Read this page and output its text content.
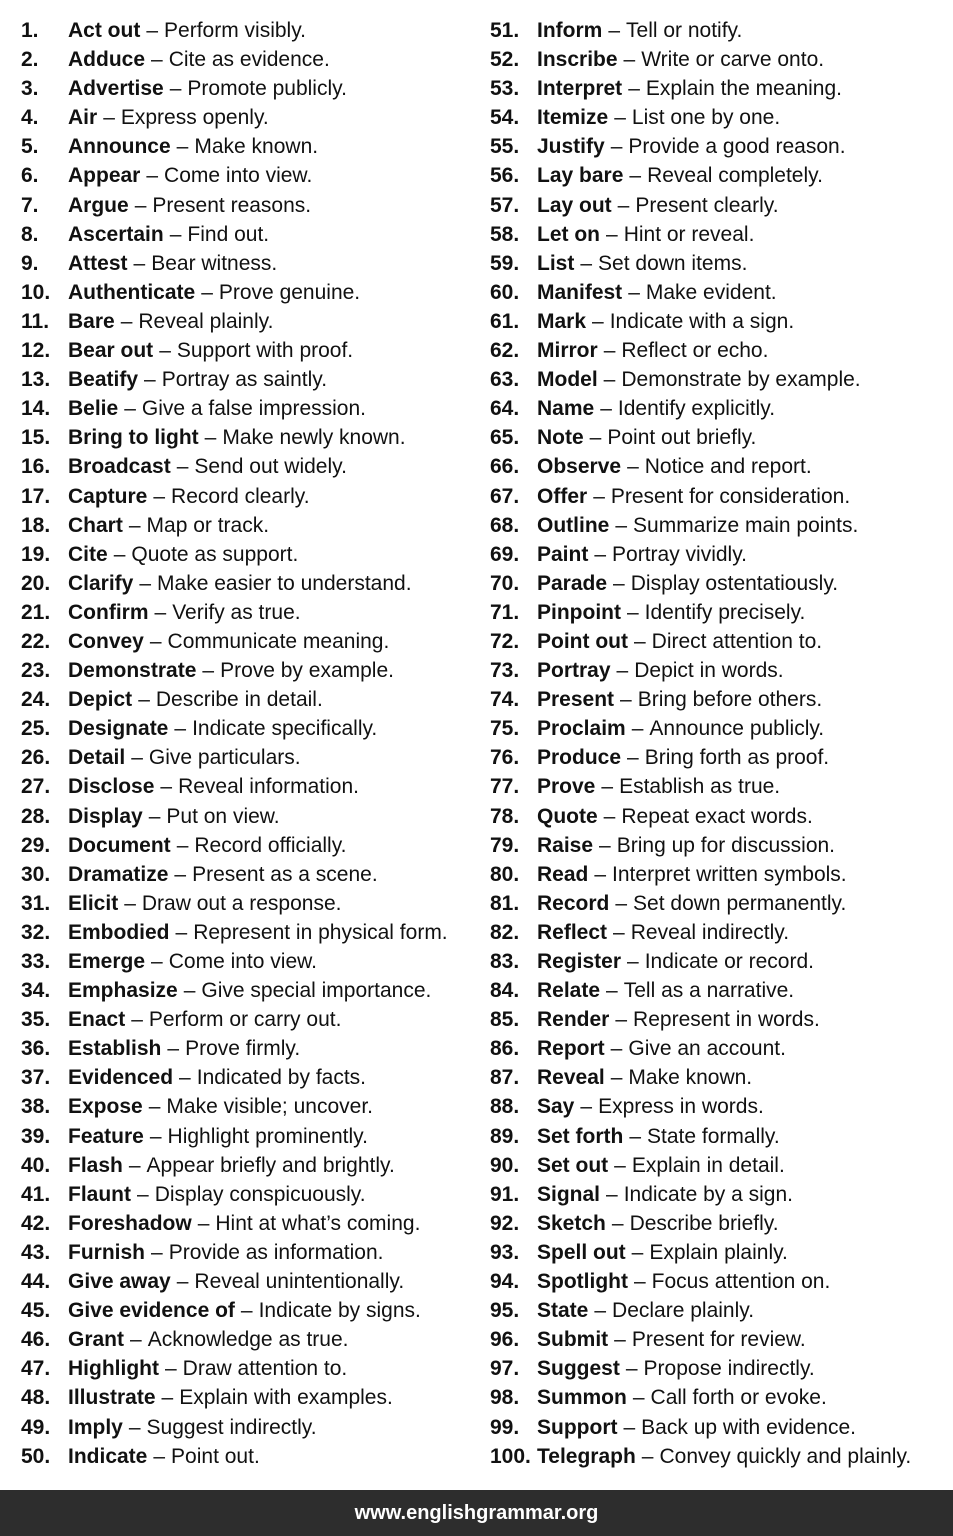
1.	Act out – Perform visibly.
2.	Adduce – Cite as evidence.
3.	Advertise – Promote publicly.
4.	Air – Express openly.
5.	Announce – Make known.
6.	Appear – Come into view.
7.	Argue – Present reasons.
8.	Ascertain – Find out.
9.	Attest – Bear witness.
10. Authenticate – Prove genuine.
11. Bare – Reveal plainly.
12. Bear out – Support with proof.
13. Beatify – Portray as saintly.
14. Belie – Give a false impression.
15. Bring to light – Make newly known.
16. Broadcast – Send out widely.
17. Capture – Record clearly.
18. Chart – Map or track.
19. Cite – Quote as support.
20. Clarify – Make easier to understand.
21. Confirm – Verify as true.
22. Convey – Communicate meaning.
23. Demonstrate – Prove by example.
24. Depict – Describe in detail.
25. Designate – Indicate specifically.
26. Detail – Give particulars.
27. Disclose – Reveal information.
28. Display – Put on view.
29. Document – Record officially.
30. Dramatize – Present as a scene.
31. Elicit – Draw out a response.
32. Embodied – Represent in physical form.
33. Emerge – Come into view.
34. Emphasize – Give special importance.
35. Enact – Perform or carry out.
36. Establish – Prove firmly.
37. Evidenced – Indicated by facts.
38. Expose – Make visible; uncover.
39. Feature – Highlight prominently.
40. Flash – Appear briefly and brightly.
41. Flaunt – Display conspicuously.
42. Foreshadow – Hint at what’s coming.
43. Furnish – Provide as information.
44. Give away – Reveal unintentionally.
45. Give evidence of – Indicate by signs.
46. Grant – Acknowledge as true.
47. Highlight – Draw attention to.
48. Illustrate – Explain with examples.
49. Imply – Suggest indirectly.
50. Indicate – Point out.
51. Inform – Tell or notify.
52. Inscribe – Write or carve onto.
53. Interpret – Explain the meaning.
54. Itemize – List one by one.
55. Justify – Provide a good reason.
56. Lay bare – Reveal completely.
57. Lay out – Present clearly.
58. Let on – Hint or reveal.
59. List – Set down items.
60. Manifest – Make evident.
61. Mark – Indicate with a sign.
62. Mirror – Reflect or echo.
63. Model – Demonstrate by example.
64. Name – Identify explicitly.
65. Note – Point out briefly.
66. Observe – Notice and report.
67. Offer – Present for consideration.
68. Outline – Summarize main points.
69. Paint – Portray vividly.
70. Parade – Display ostentatiously.
71. Pinpoint – Identify precisely.
72. Point out – Direct attention to.
73. Portray – Depict in words.
74. Present – Bring before others.
75. Proclaim – Announce publicly.
76. Produce – Bring forth as proof.
77. Prove – Establish as true.
78. Quote – Repeat exact words.
79. Raise – Bring up for discussion.
80. Read – Interpret written symbols.
81. Record – Set down permanently.
82. Reflect – Reveal indirectly.
83. Register – Indicate or record.
84. Relate – Tell as a narrative.
85. Render – Represent in words.
86. Report – Give an account.
87. Reveal – Make known.
88. Say – Express in words.
89. Set forth – State formally.
90. Set out – Explain in detail.
91. Signal – Indicate by a sign.
92. Sketch – Describe briefly.
93. Spell out – Explain plainly.
94. Spotlight – Focus attention on.
95. State – Declare plainly.
96. Submit – Present for review.
97. Suggest – Propose indirectly.
98. Summon – Call forth or evoke.
99. Support – Back up with evidence.
100. Telegraph – Convey quickly and plainly.
www.englishgrammar.org
